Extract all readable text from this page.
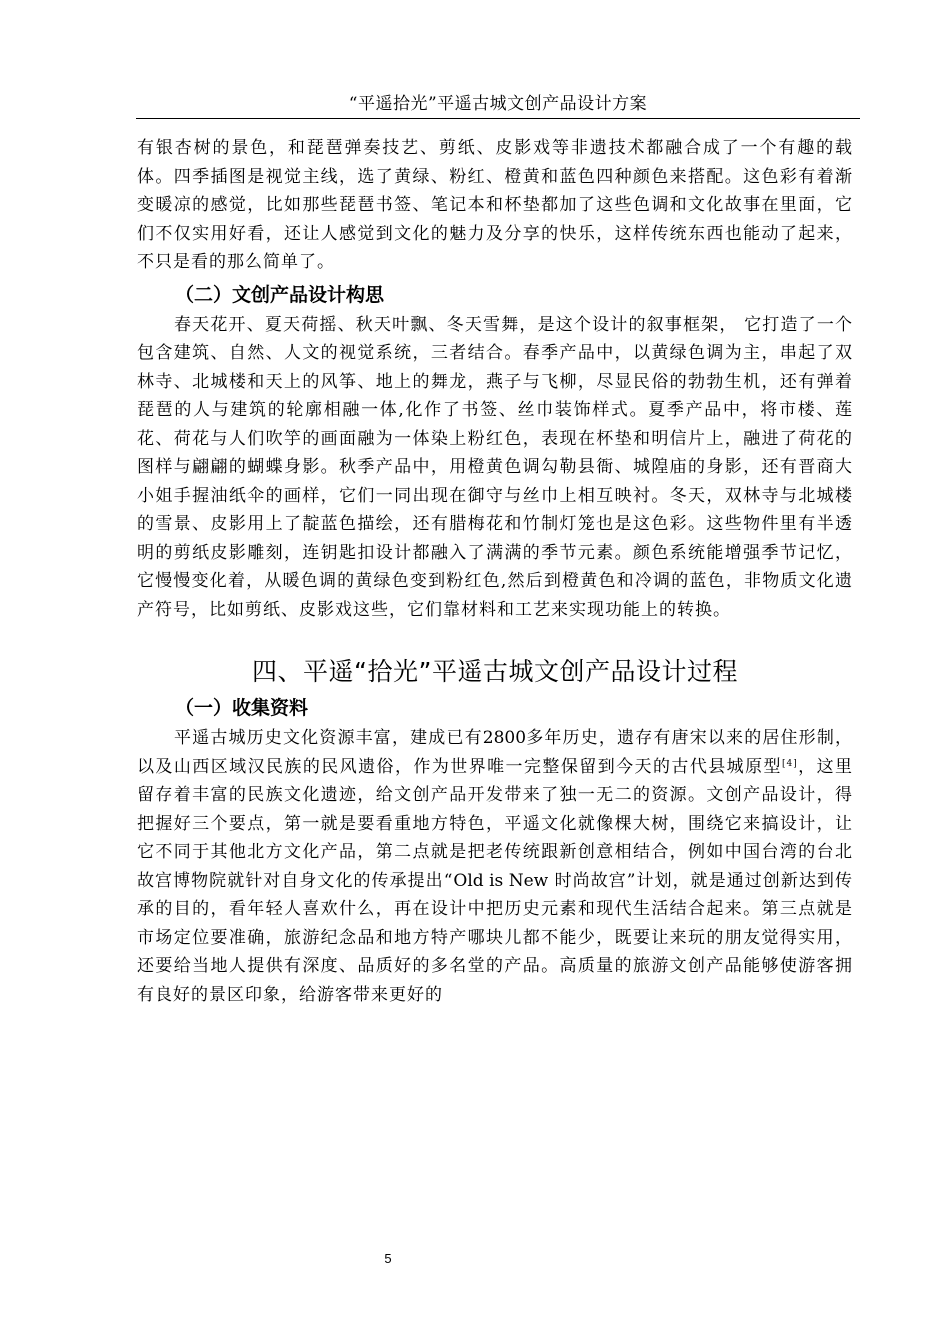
“平遥拾光”平遥古城文创产品设计方案

有银杏树的景色，和琵琶弹奏技艺、剪纸、皮影戏等非遗技术都融合成了一个有趣的载体。四季插图是视觉主线，选了黄绿、粉红、橙黄和蓝色四种颜色来搭配。这色彩有着渐变暖凉的感觉，比如那些琵琶书签、笔记本和杯垫都加了这些色调和文化故事在里面，它们不仅实用好看，还让人感觉到文化的魅力及分享的快乐，这样传统东西也能动了起来，不只是看的那么简单了。

（二）文创产品设计构思

春天花开、夏天荷摇、秋天叶飘、冬天雪舞，是这个设计的叙事框架， 它打造了一个包含建筑、自然、人文的视觉系统，三者结合。春季产品中，以黄绿色调为主，串起了双林寺、北城楼和天上的风筝、地上的舞龙，燕子与飞柳，尽显民俗的勃勃生机，还有弹着琵琶的人与建筑的轮廓相融一体,化作了书签、丝巾装饰样式。夏季产品中，将市楼、莲花、荷花与人们吹竽的画面融为一体染上粉红色，表现在杯垫和明信片上，融进了荷花的图样与翩翩的蝴蝶身影。秋季产品中，用橙黄色调勾勒县衙、城隍庙的身影，还有晋商大小姐手握油纸伞的画样，它们一同出现在御守与丝巾上相互映衬。冬天，双林寺与北城楼的雪景、皮影用上了靛蓝色描绘，还有腊梅花和竹制灯笼也是这色彩。这些物件里有半透明的剪纸皮影雕刻，连钥匙扣设计都融入了满满的季节元素。颜色系统能增强季节记忆，它慢慢变化着，从暖色调的黄绿色变到粉红色,然后到橙黄色和冷调的蓝色，非物质文化遗产符号，比如剪纸、皮影戏这些，它们靠材料和工艺来实现功能上的转换。

四、平遥“拾光”平遥古城文创产品设计过程
（一）收集资料

平遥古城历史文化资源丰富，建成已有2800多年历史，遗存有唐宋以来的居住形制，以及山西区域汉民族的民风遗俗，作为世界唯一完整保留到今天的古代县城原型[4]，这里留存着丰富的民族文化遗迹，给文创产品开发带来了独一无二的资源。文创产品设计，得把握好三个要点，第一就是要看重地方特色，平遥文化就像棵大树，围绕它来搞设计，让它不同于其他北方文化产品，第二点就是把老传统跟新创意相结合，例如中国台湾的台北故宫博物院就针对自身文化的传承提出“Old is New 时尚故宫”计划，就是通过创新达到传承的目的，看年轻人喜欢什么，再在设计中把历史元素和现代生活结合起来。第三点就是市场定位要准确，旅游纪念品和地方特产哪块儿都不能少，既要让来玩的朋友觉得实用，还要给当地人提供有深度、品质好的多名堂的产品。高质量的旅游文创产品能够使游客拥有良好的景区印象，给游客带来更好的

5
